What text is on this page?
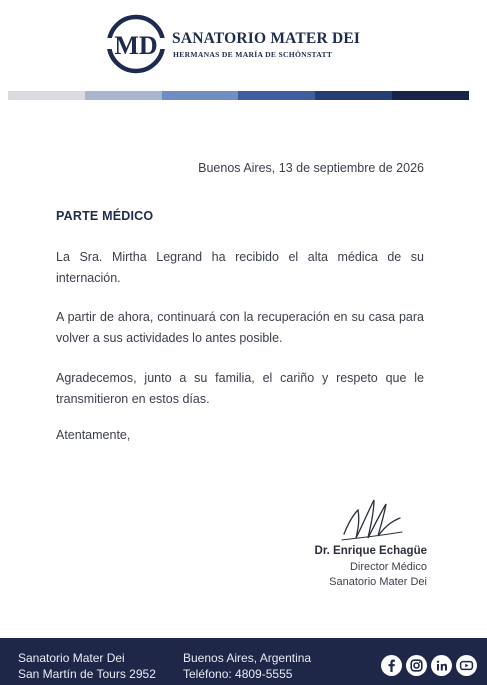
MD SANATORIO MATER DEI
HERMANAS DE MARÍA DE SCHÖNSTATT
Buenos Aires, 13 de septiembre de 2026
PARTE MÉDICO

La Sra. Mirtha Legrand ha recibido el alta médica de su internación.

A partir de ahora, continuará con la recuperación en su casa para volver a sus actividades lo antes posible.

Agradecemos, junto a su familia, el cariño y respeto que le transmitieron en estos días.

Atentamente,
Dr. Enrique Echagüe
Director Médico
Sanatorio Mater Dei
Sanatorio Mater Dei
San Martín de Tours 2952
Buenos Aires, Argentina
Teléfono: 4809-5555
